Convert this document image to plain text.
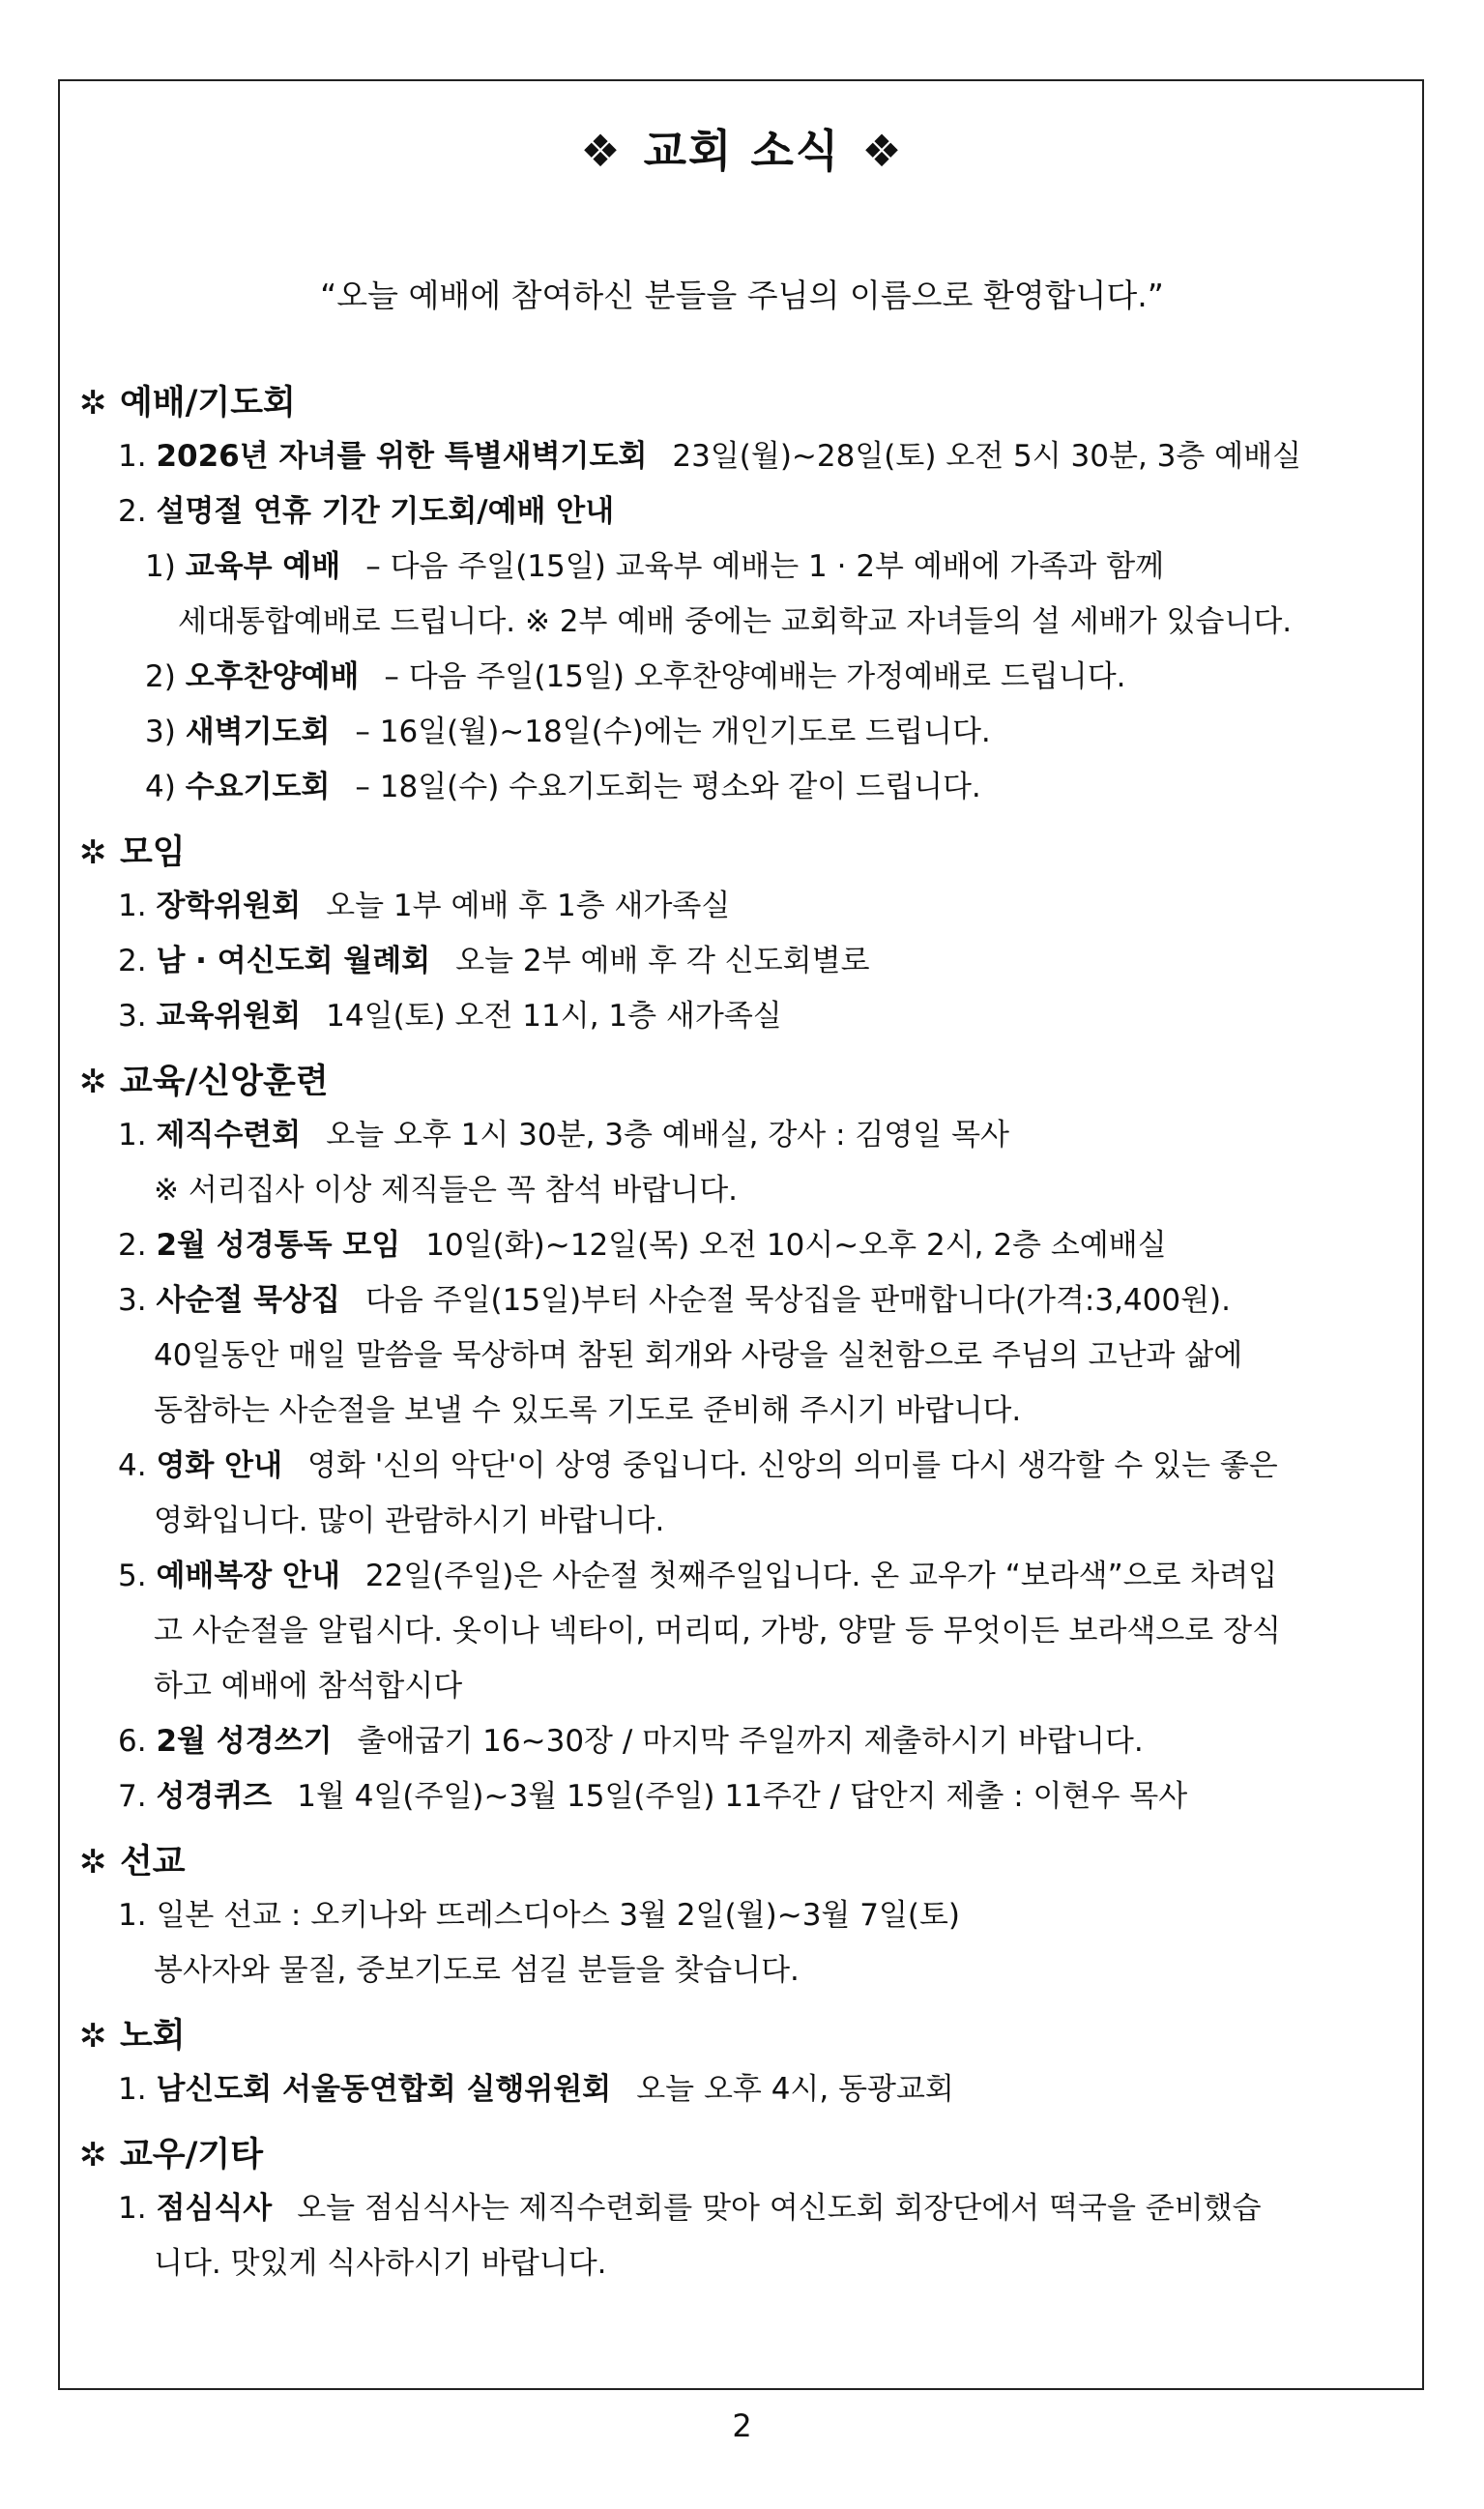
❖ 교회 소식 ❖
“오늘 예배에 참여하신 분들을 주님의 이름으로 환영합니다.”
✲ 예배/기도회
1. 2026년 자녀를 위한 특별새벽기도회 23일(월)~28일(토) 오전 5시 30분, 3층 예배실
2. 설명절 연휴 기간 기도회/예배 안내
1) 교육부 예배 – 다음 주일(15일) 교육부 예배는 1 · 2부 예배에 가족과 함께
세대통합예배로 드립니다. ※ 2부 예배 중에는 교회학교 자녀들의 설 세배가 있습니다.
2) 오후찬양예배 – 다음 주일(15일) 오후찬양예배는 가정예배로 드립니다.
3) 새벽기도회 – 16일(월)~18일(수)에는 개인기도로 드립니다.
4) 수요기도회 – 18일(수) 수요기도회는 평소와 같이 드립니다.
✲ 모임
1. 장학위원회 오늘 1부 예배 후 1층 새가족실
2. 남 · 여신도회 월례회 오늘 2부 예배 후 각 신도회별로
3. 교육위원회 14일(토) 오전 11시, 1층 새가족실
✲ 교육/신앙훈련
1. 제직수련회 오늘 오후 1시 30분, 3층 예배실, 강사 : 김영일 목사
※ 서리집사 이상 제직들은 꼭 참석 바랍니다.
2. 2월 성경통독 모임 10일(화)~12일(목) 오전 10시~오후 2시, 2층 소예배실
3. 사순절 묵상집 다음 주일(15일)부터 사순절 묵상집을 판매합니다(가격:3,400원).
40일동안 매일 말씀을 묵상하며 참된 회개와 사랑을 실천함으로 주님의 고난과 삶에
동참하는 사순절을 보낼 수 있도록 기도로 준비해 주시기 바랍니다.
4. 영화 안내 영화 '신의 악단'이 상영 중입니다. 신앙의 의미를 다시 생각할 수 있는 좋은
영화입니다. 많이 관람하시기 바랍니다.
5. 예배복장 안내 22일(주일)은 사순절 첫째주일입니다. 온 교우가 “보라색”으로 차려입
고 사순절을 알립시다. 옷이나 넥타이, 머리띠, 가방, 양말 등 무엇이든 보라색으로 장식
하고 예배에 참석합시다
6. 2월 성경쓰기 출애굽기 16~30장 / 마지막 주일까지 제출하시기 바랍니다.
7. 성경퀴즈 1월 4일(주일)~3월 15일(주일) 11주간 / 답안지 제출 : 이현우 목사
✲ 선교
1. 일본 선교 : 오키나와 뜨레스디아스 3월 2일(월)~3월 7일(토)
봉사자와 물질, 중보기도로 섬길 분들을 찾습니다.
✲ 노회
1. 남신도회 서울동연합회 실행위원회 오늘 오후 4시, 동광교회
✲ 교우/기타
1. 점심식사 오늘 점심식사는 제직수련회를 맞아 여신도회 회장단에서 떡국을 준비했습
니다. 맛있게 식사하시기 바랍니다.
2
